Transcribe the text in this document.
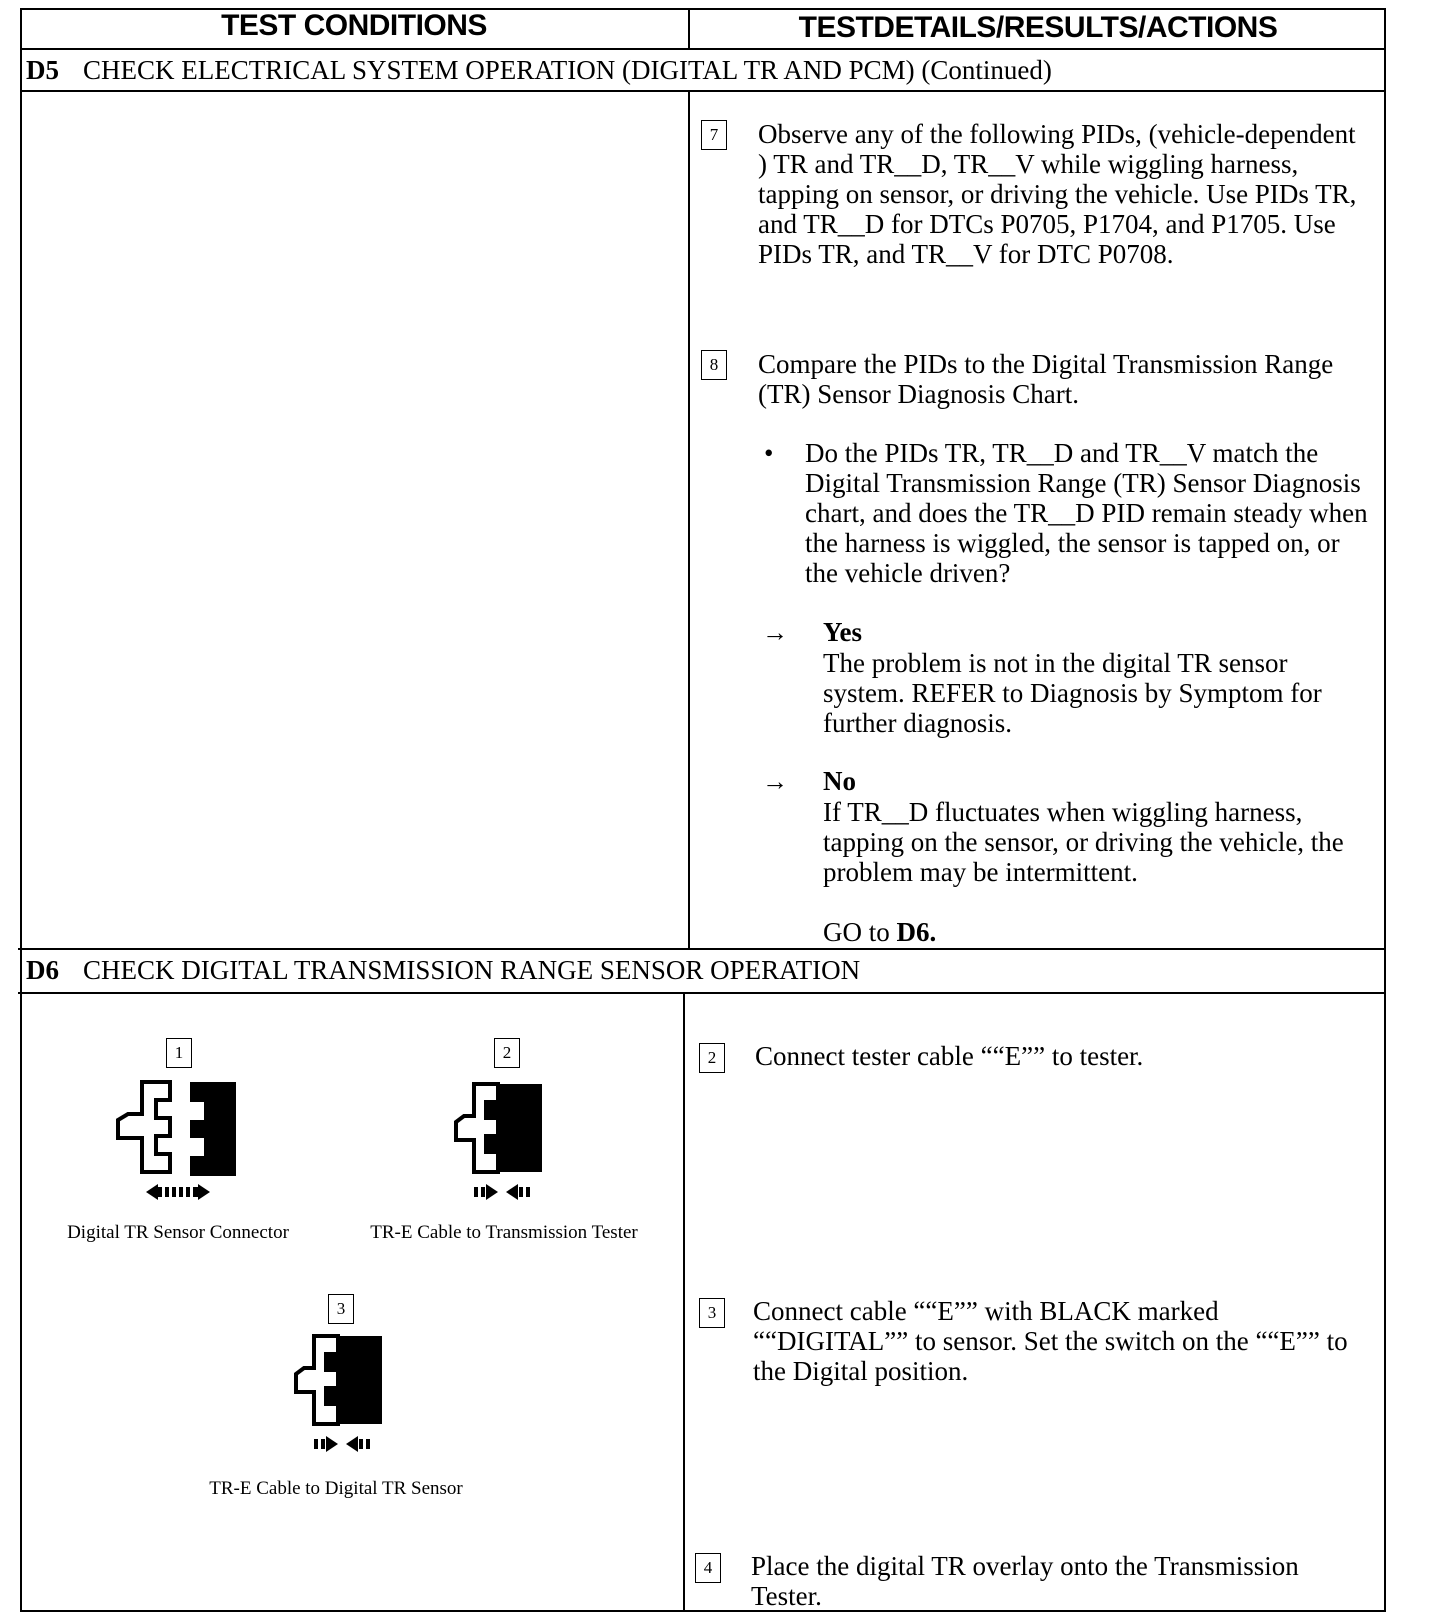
TEST CONDITIONS	TESTDETAILS/RESULTS/ACTIONS
D5 CHECK ELECTRICAL SYSTEM OPERATION (DIGITAL TR AND PCM) (Continued)
7	Observe any of the following PIDs, (vehicle-dependent ) TR and TR__D, TR__V while wiggling harness, tapping on sensor, or driving the vehicle. Use PIDs TR, and TR__D for DTCs P0705, P1704, and P1705. Use PIDs TR, and TR__V for DTC P0708.
8	Compare the PIDs to the Digital Transmission Range (TR) Sensor Diagnosis Chart.
• Do the PIDs TR, TR__D and TR__V match the Digital Transmission Range (TR) Sensor Diagnosis chart, and does the TR__D PID remain steady when the harness is wiggled, the sensor is tapped on, or the vehicle driven?
→ Yes
The problem is not in the digital TR sensor system. REFER to Diagnosis by Symptom for further diagnosis.
→ No
If TR__D fluctuates when wiggling harness, tapping on the sensor, or driving the vehicle, the problem may be intermittent.
GO to D6.
D6 CHECK DIGITAL TRANSMISSION RANGE SENSOR OPERATION
1
Digital TR Sensor Connector
2
TR-E Cable to Transmission Tester
3
TR-E Cable to Digital TR Sensor
2	Connect tester cable ““E”” to tester.
3	Connect cable ““E”” with BLACK marked ““DIGITAL”” to sensor. Set the switch on the ““E”” to the Digital position.
4	Place the digital TR overlay onto the Transmission Tester.
